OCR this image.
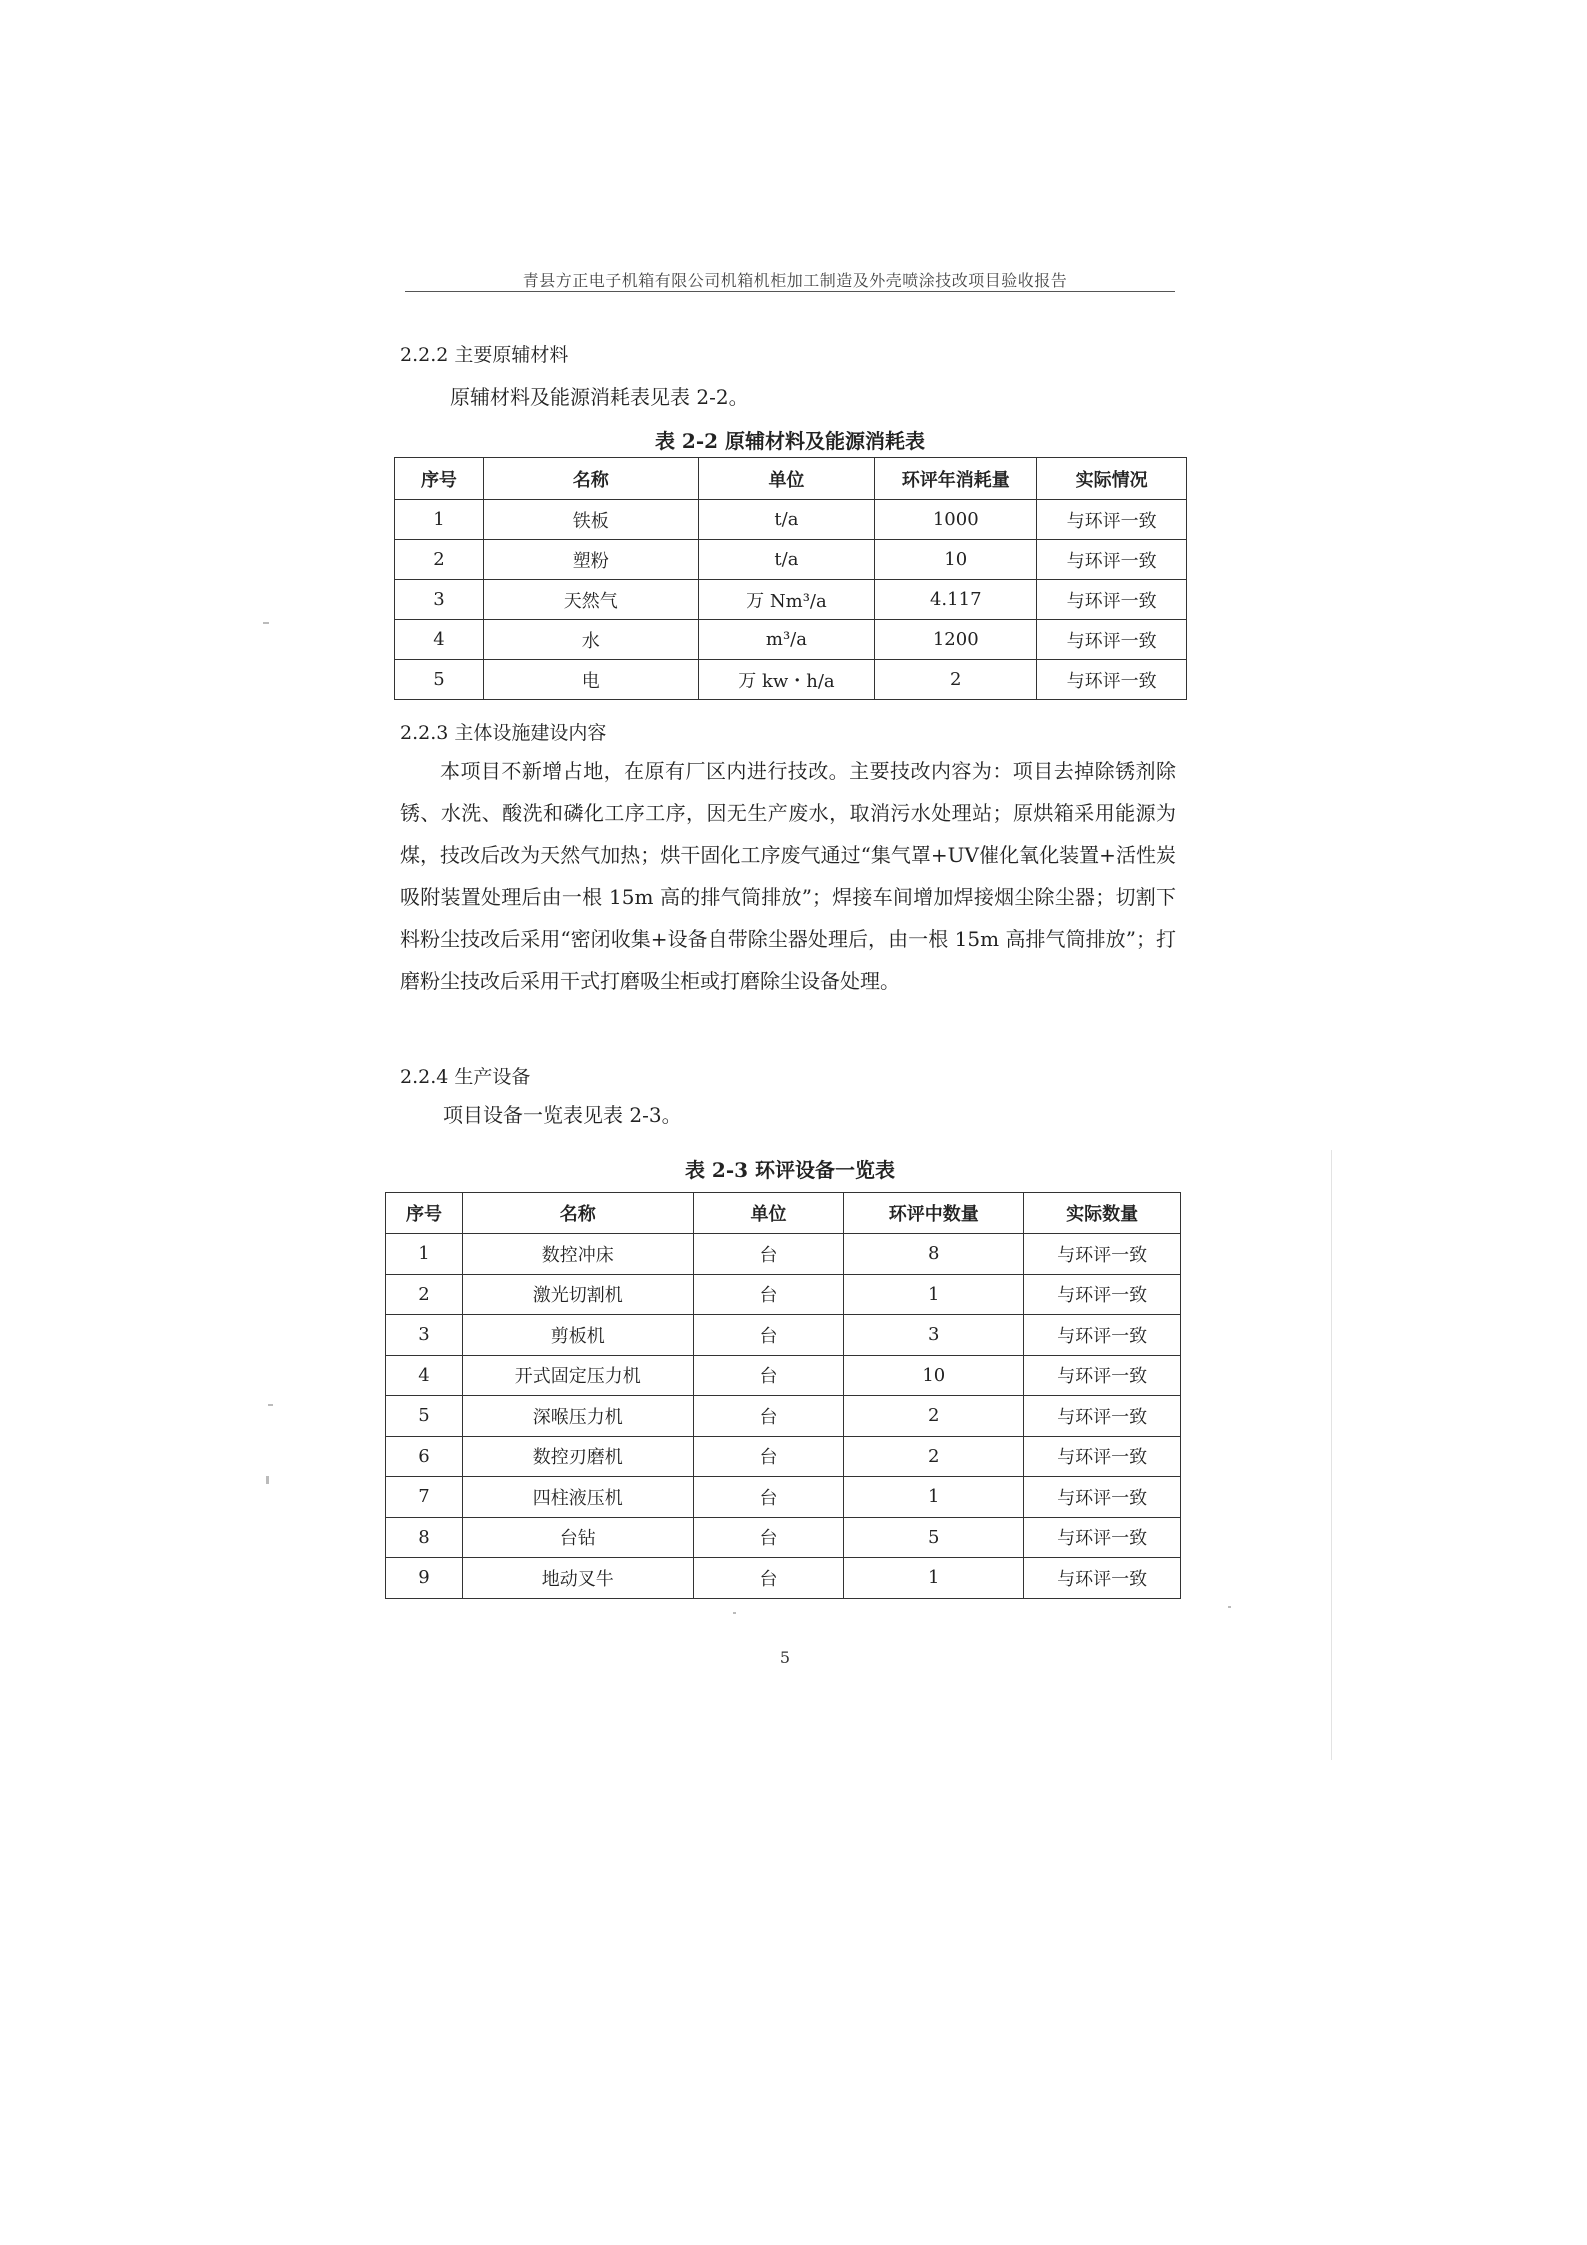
青县方正电子机箱有限公司机箱机柜加工制造及外壳喷涂技改项目验收报告
2.2.2 主要原辅材料
原辅材料及能源消耗表见表 2-2。
表 2-2 原辅材料及能源消耗表
序号	名称	单位	环评年消耗量	实际情况
1	铁板	t/a	1000	与环评一致
2	塑粉	t/a	10	与环评一致
3	天然气	万 Nm³/a	4.117	与环评一致
4	水	m³/a	1200	与环评一致
5	电	万 kw・h/a	2	与环评一致
2.2.3 主体设施建设内容
本项目不新增占地，在原有厂区内进行技改。主要技改内容为：项目去掉除锈剂除锈、水洗、酸洗和磷化工序工序，因无生产废水，取消污水处理站；原烘箱采用能源为煤，技改后改为天然气加热；烘干固化工序废气通过“集气罩+UV催化氧化装置+活性炭吸附装置处理后由一根 15m 高的排气筒排放”；焊接车间增加焊接烟尘除尘器；切割下料粉尘技改后采用“密闭收集+设备自带除尘器处理后，由一根 15m 高排气筒排放”；打磨粉尘技改后采用干式打磨吸尘柜或打磨除尘设备处理。
2.2.4 生产设备
项目设备一览表见表 2-3。
表 2-3 环评设备一览表
序号	名称	单位	环评中数量	实际数量
1	数控冲床	台	8	与环评一致
2	激光切割机	台	1	与环评一致
3	剪板机	台	3	与环评一致
4	开式固定压力机	台	10	与环评一致
5	深喉压力机	台	2	与环评一致
6	数控刃磨机	台	2	与环评一致
7	四柱液压机	台	1	与环评一致
8	台钻	台	5	与环评一致
9	地动叉牛	台	1	与环评一致
5
